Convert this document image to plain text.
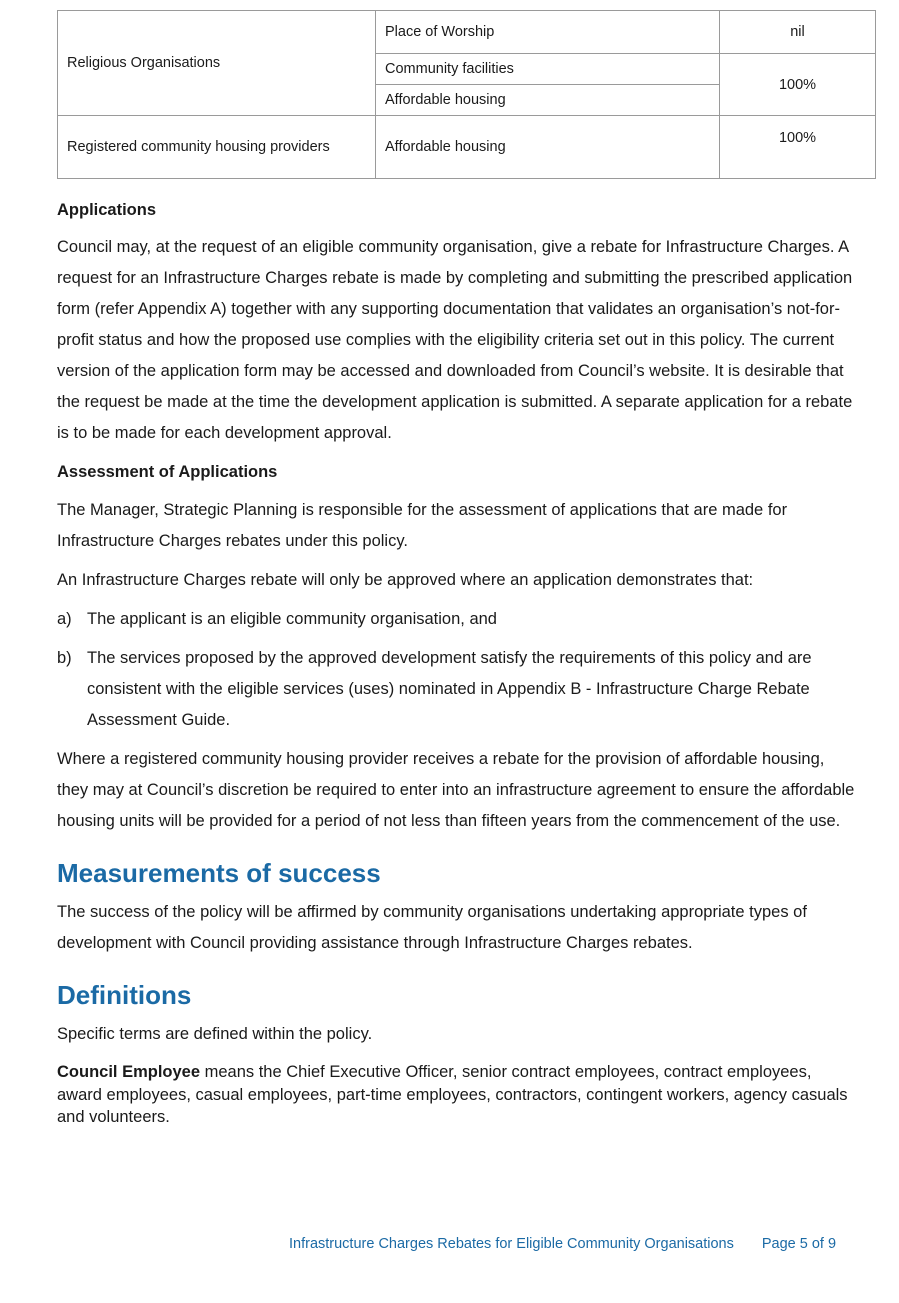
Religious Organisations	Place of Worship	nil
	Community facilities	100%
	Affordable housing	
Registered community housing providers	Affordable housing	100%
Applications

Council may, at the request of an eligible community organisation, give a rebate for Infrastructure Charges. A request for an Infrastructure Charges rebate is made by completing and submitting the prescribed application form (refer Appendix A) together with any supporting documentation that validates an organisation’s not-for-profit status and how the proposed use complies with the eligibility criteria set out in this policy. The current version of the application form may be accessed and downloaded from Council’s website. It is desirable that the request be made at the time the development application is submitted. A separate application for a rebate is to be made for each development approval.

Assessment of Applications

The Manager, Strategic Planning is responsible for the assessment of applications that are made for Infrastructure Charges rebates under this policy.

An Infrastructure Charges rebate will only be approved where an application demonstrates that:

a) The applicant is an eligible community organisation, and
b) The services proposed by the approved development satisfy the requirements of this policy and are consistent with the eligible services (uses) nominated in Appendix B - Infrastructure Charge Rebate Assessment Guide.

Where a registered community housing provider receives a rebate for the provision of affordable housing, they may at Council’s discretion be required to enter into an infrastructure agreement to ensure the affordable housing units will be provided for a period of not less than fifteen years from the commencement of the use.

Measurements of success

The success of the policy will be affirmed by community organisations undertaking appropriate types of development with Council providing assistance through Infrastructure Charges rebates.

Definitions

Specific terms are defined within the policy.

Council Employee means the Chief Executive Officer, senior contract employees, contract employees, award employees, casual employees, part-time employees, contractors, contingent workers, agency casuals and volunteers.

Infrastructure Charges Rebates for Eligible Community Organisations Page 5 of 9
